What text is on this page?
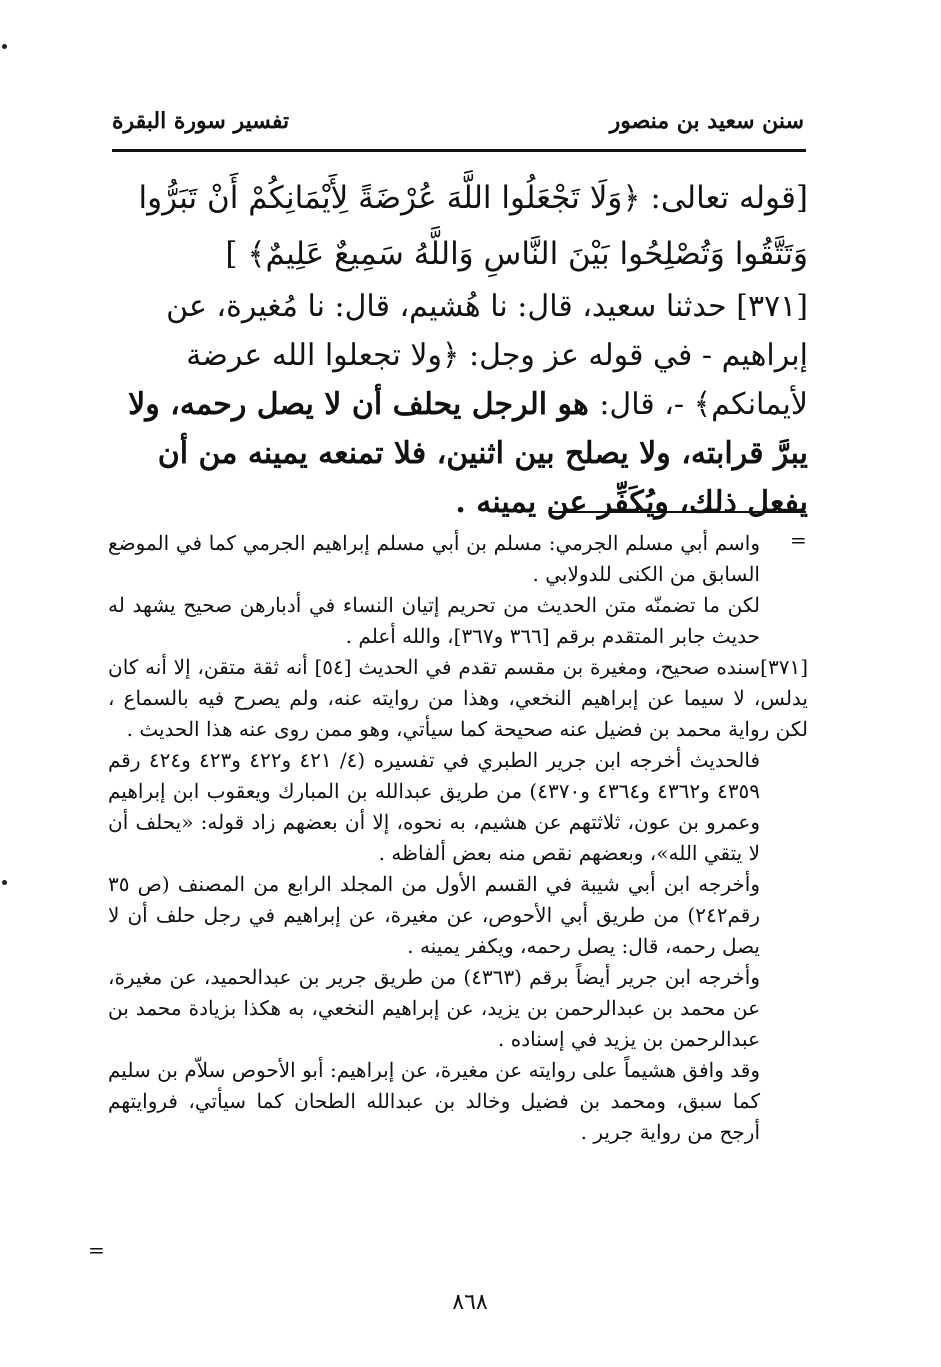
سنن سعيد بن منصور
تفسير سورة البقرة
[قوله تعالى: ﴿وَلَا تَجْعَلُوا اللَّهَ عُرْضَةً لِأَيْمَانِكُمْ أَنْ تَبَرُّوا وَتَتَّقُوا وَتُصْلِحُوا بَيْنَ النَّاسِ وَاللَّهُ سَمِيعٌ عَلِيمٌ﴾ ]
[٣٧١] حدثنا سعيد، قال: نا هُشيم، قال: نا مُغيرة، عن إبراهيم - في قوله عز وجل: ﴿ولا تجعلوا الله عرضة لأيمانكم﴾ -، قال: هو الرجل يحلف أن لا يصل رحمه، ولا يبرَّ قرابته، ولا يصلح بين اثنين، فلا تمنعه يمينه من أن يفعل ذلك، ويُكَفِّر عن يمينه .
=

واسم أبي مسلم الجرمي: مسلم بن أبي مسلم إبراهيم الجرمي كما في الموضع السابق من الكنى للدولابي .

لكن ما تضمنّه متن الحديث من تحريم إتيان النساء في أدبارهن صحيح يشهد له حديث جابر المتقدم برقم [٣٦٦ و٣٦٧]، والله أعلم .

[٣٧١]سنده صحيح، ومغيرة بن مقسم تقدم في الحديث [٥٤] أنه ثقة متقن، إلا أنه كان يدلس، لا سيما عن إبراهيم النخعي، وهذا من روايته عنه، ولم يصرح فيه بالسماع ، لكن رواية محمد بن فضيل عنه صحيحة كما سيأتي، وهو ممن روى عنه هذا الحديث .

فالحديث أخرجه ابن جرير الطبري في تفسيره (٤/ ٤٢١ و٤٢٢ و٤٢٣ و٤٢٤ رقم ٤٣٥٩ و٤٣٦٢ و٤٣٦٤ و٤٣٧٠) من طريق عبدالله بن المبارك ويعقوب ابن إبراهيم وعمرو بن عون، ثلاثتهم عن هشيم، به نحوه، إلا أن بعضهم زاد قوله: «يحلف أن لا يتقي الله»، وبعضهم نقص منه بعض ألفاظه .

وأخرجه ابن أبي شيبة في القسم الأول من المجلد الرابع من المصنف (ص ٣٥ رقم٢٤٢) من طريق أبي الأحوص، عن مغيرة، عن إبراهيم في رجل حلف أن لا يصل رحمه، قال: يصل رحمه، ويكفر يمينه .

وأخرجه ابن جرير أيضاً برقم (٤٣٦٣) من طريق جرير بن عبدالحميد، عن مغيرة، عن محمد بن عبدالرحمن بن يزيد، عن إبراهيم النخعي، به هكذا بزيادة محمد بن عبدالرحمن بن يزيد في إسناده .

وقد وافق هشيماً على روايته عن مغيرة، عن إبراهيم: أبو الأحوص سلاّم بن سليم كما سبق، ومحمد بن فضيل وخالد بن عبدالله الطحان كما سيأتي، فروايتهم أرجح من رواية جرير .

=
٨٦٨
